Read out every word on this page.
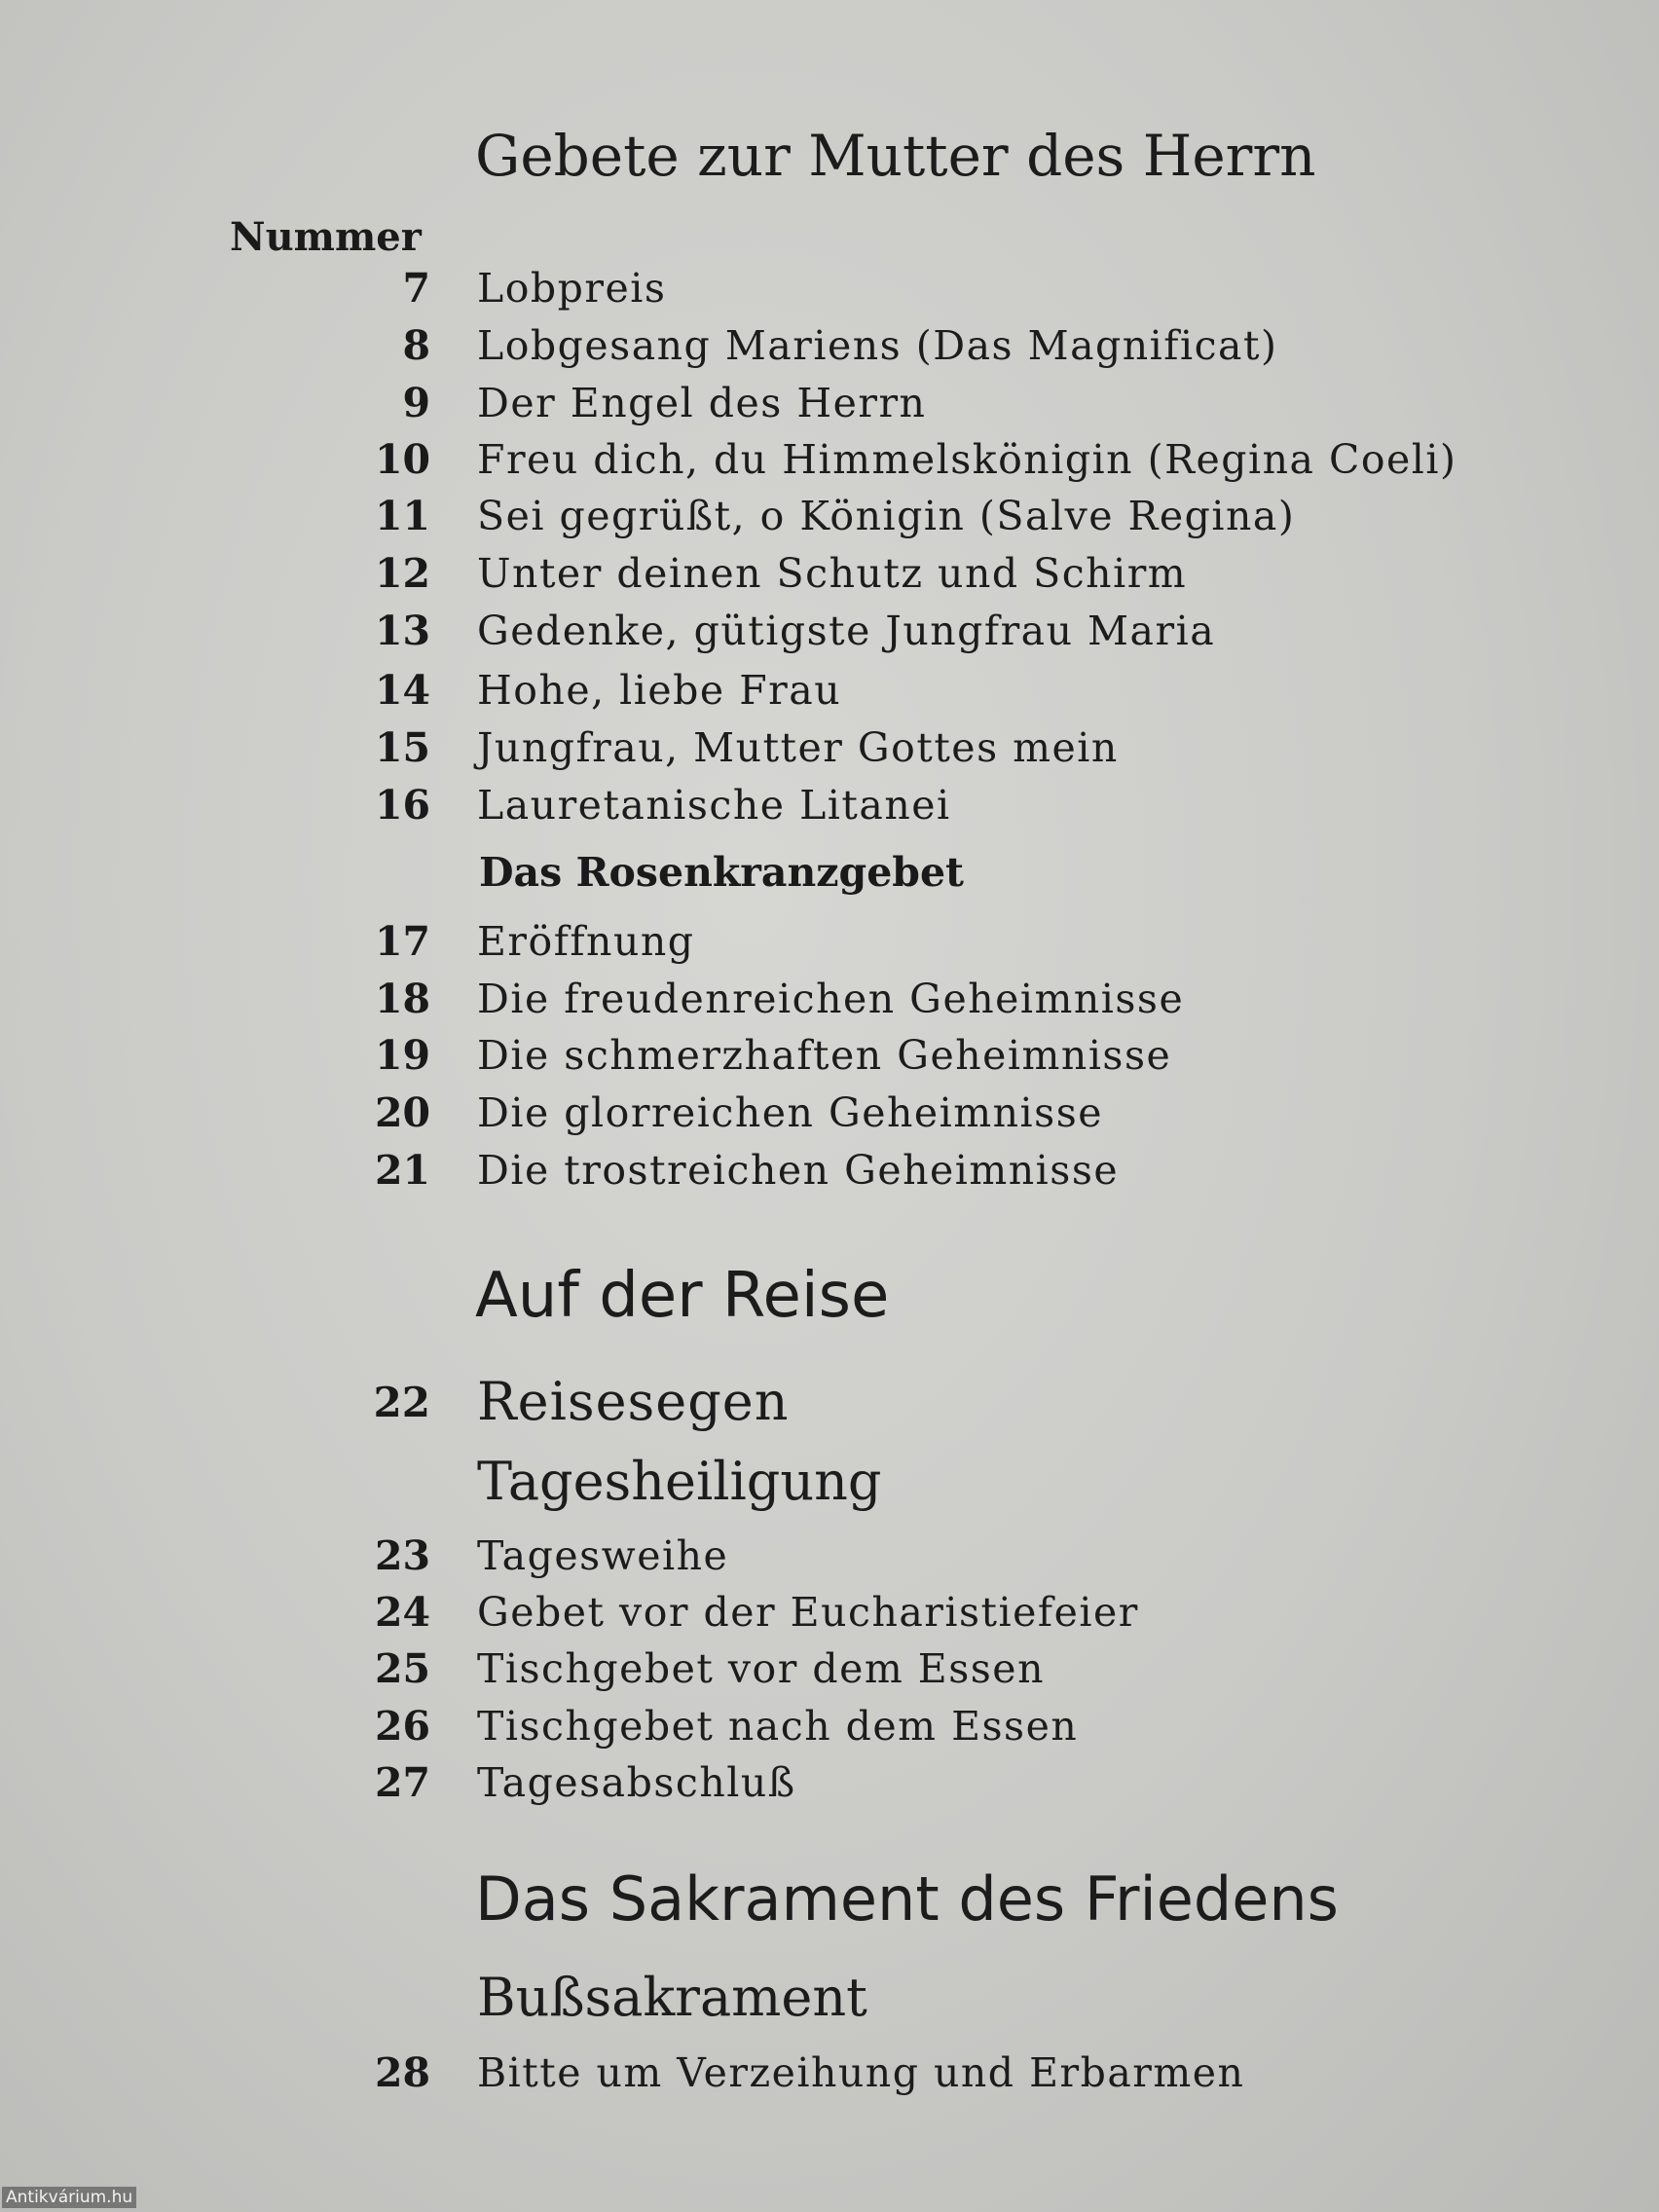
Gebete zur Mutter des Herrn
Nummer
7 Lobpreis
8 Lobgesang Mariens (Das Magnificat)
9 Der Engel des Herrn
10 Freu dich, du Himmelskönigin (Regina Coeli)
11 Sei gegrüßt, o Königin (Salve Regina)
12 Unter deinen Schutz und Schirm
13 Gedenke, gütigste Jungfrau Maria
14 Hohe, liebe Frau
15 Jungfrau, Mutter Gottes mein
16 Lauretanische Litanei
Das Rosenkranzgebet
17 Eröffnung
18 Die freudenreichen Geheimnisse
19 Die schmerzhaften Geheimnisse
20 Die glorreichen Geheimnisse
21 Die trostreichen Geheimnisse
Auf der Reise
22 Reisesegen
Tagesheiligung
23 Tagesweihe
24 Gebet vor der Eucharistiefeier
25 Tischgebet vor dem Essen
26 Tischgebet nach dem Essen
27 Tagesabschluß
Das Sakrament des Friedens
Bußsakrament
28 Bitte um Verzeihung und Erbarmen
Antikvárium.hu
